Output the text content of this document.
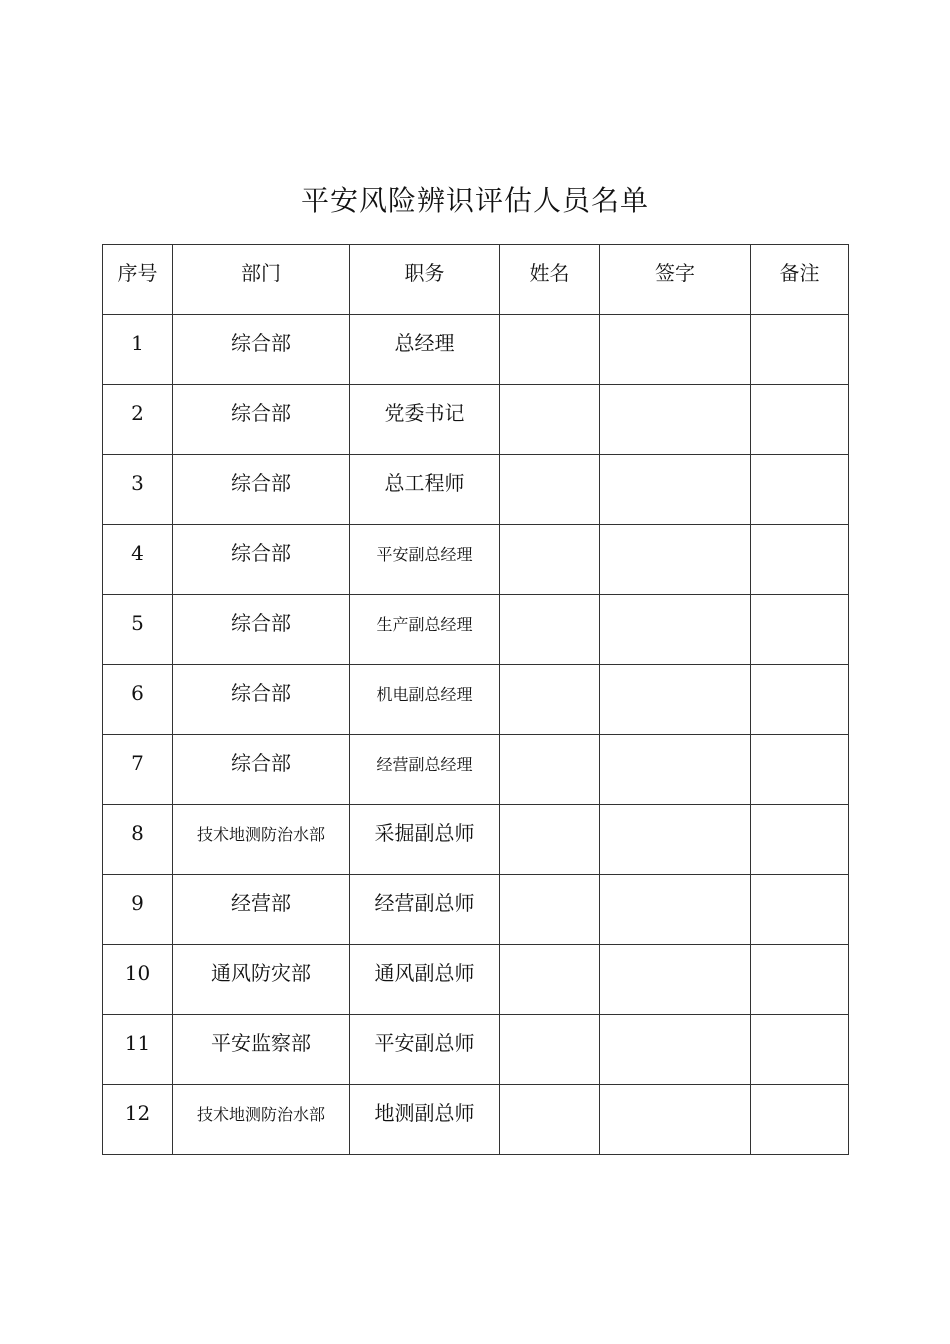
平安风险辨识评估人员名单
序号	部门	职务	姓名	签字	备注

1	综合部	总经理			

2	综合部	党委书记			

3	综合部	总工程师			

4	综合部	平安副总经理			

5	综合部	生产副总经理			

6	综合部	机电副总经理			

7	综合部	经营副总经理			

8	技术地测防治水部	采掘副总师			

9	经营部	经营副总师			

10	通风防灾部	通风副总师			

11	平安监察部	平安副总师			

12	技术地测防治水部	地测副总师			
